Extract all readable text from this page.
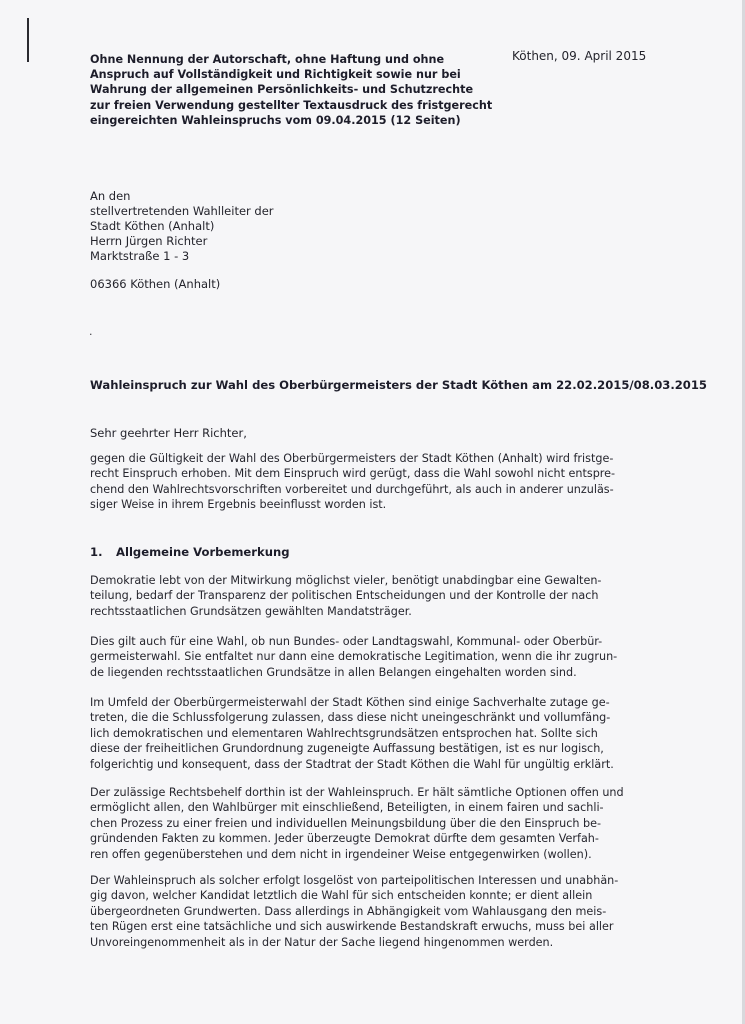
Ohne Nennung der Autorschaft, ohne Haftung und ohne
Anspruch auf Vollständigkeit und Richtigkeit sowie nur bei
Wahrung der allgemeinen Persönlichkeits- und Schutzrechte
zur freien Verwendung gestellter Textausdruck des fristgerecht
eingereichten Wahleinspruchs vom 09.04.2015 (12 Seiten)
Köthen, 09. April 2015
An den
stellvertretenden Wahlleiter der
Stadt Köthen (Anhalt)
Herrn Jürgen Richter
Marktstraße 1 - 3
06366 Köthen (Anhalt)
.
Wahleinspruch zur Wahl des Oberbürgermeisters der Stadt Köthen am 22.02.2015/08.03.2015
Sehr geehrter Herr Richter,
gegen die Gültigkeit der Wahl des Oberbürgermeisters der Stadt Köthen (Anhalt) wird fristge-
recht Einspruch erhoben. Mit dem Einspruch wird gerügt, dass die Wahl sowohl nicht entspre-
chend den Wahlrechtsvorschriften vorbereitet und durchgeführt, als auch in anderer unzuläs-
siger Weise in ihrem Ergebnis beeinflusst worden ist.
1. Allgemeine Vorbemerkung
Demokratie lebt von der Mitwirkung möglichst vieler, benötigt unabdingbar eine Gewalten-
teilung, bedarf der Transparenz der politischen Entscheidungen und der Kontrolle der nach
rechtsstaatlichen Grundsätzen gewählten Mandatsträger.
Dies gilt auch für eine Wahl, ob nun Bundes- oder Landtagswahl, Kommunal- oder Oberbür-
germeisterwahl. Sie entfaltet nur dann eine demokratische Legitimation, wenn die ihr zugrun-
de liegenden rechtsstaatlichen Grundsätze in allen Belangen eingehalten worden sind.
Im Umfeld der Oberbürgermeisterwahl der Stadt Köthen sind einige Sachverhalte zutage ge-
treten, die die Schlussfolgerung zulassen, dass diese nicht uneingeschränkt und vollumfäng-
lich demokratischen und elementaren Wahlrechtsgrundsätzen entsprochen hat. Sollte sich
diese der freiheitlichen Grundordnung zugeneigte Auffassung bestätigen, ist es nur logisch,
folgerichtig und konsequent, dass der Stadtrat der Stadt Köthen die Wahl für ungültig erklärt.
Der zulässige Rechtsbehelf dorthin ist der Wahleinspruch. Er hält sämtliche Optionen offen und
ermöglicht allen, den Wahlbürger mit einschließend, Beteiligten, in einem fairen und sachli-
chen Prozess zu einer freien und individuellen Meinungsbildung über die den Einspruch be-
gründenden Fakten zu kommen. Jeder überzeugte Demokrat dürfte dem gesamten Verfah-
ren offen gegenüberstehen und dem nicht in irgendeiner Weise entgegenwirken (wollen).
Der Wahleinspruch als solcher erfolgt losgelöst von parteipolitischen Interessen und unabhän-
gig davon, welcher Kandidat letztlich die Wahl für sich entscheiden konnte; er dient allein
übergeordneten Grundwerten. Dass allerdings in Abhängigkeit vom Wahlausgang den meis-
ten Rügen erst eine tatsächliche und sich auswirkende Bestandskraft erwuchs, muss bei aller
Unvoreingenommenheit als in der Natur der Sache liegend hingenommen werden.
